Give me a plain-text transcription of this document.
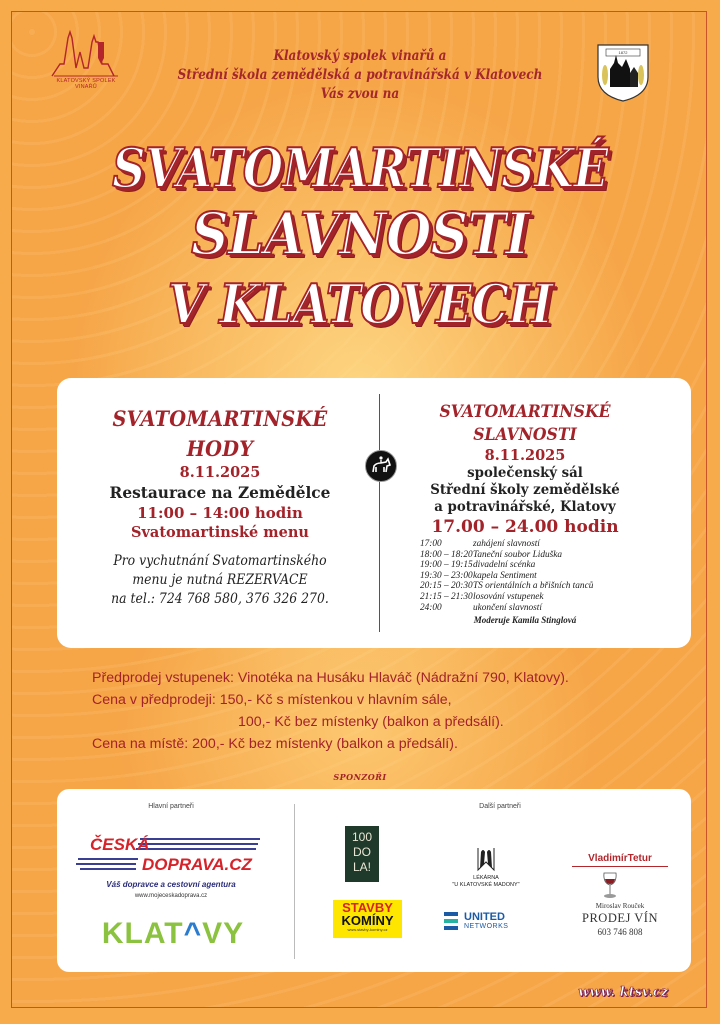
KLATOVSKÝ SPOLEK VINAŘŮ
1872
Klatovský spolek vinařů a
Střední škola zemědělská a potravinářská v Klatovech
Vás zvou na
SVATOMARTINSKÉ
SLAVNOSTI
V KLATOVECH
SVATOMARTINSKÉ
HODY
8.11.2025
Restaurace na Zemědělce
11:00 – 14:00 hodin
Svatomartinské menu
Pro vychutnání Svatomartinského
menu je nutná REZERVACE
na tel.: 724 768 580, 376 326 270.
SVATOMARTINSKÉ
SLAVNOSTI
8.11.2025
společenský sál
Střední školy zemědělské
a potravinářské, Klatovy
17.00 – 24.00 hodin
17:00	zahájení slavností
18:00 – 18:20 Taneční soubor Liduška
19:00 – 19:15 divadelní scénka
19:30 – 23:00 kapela Sentiment
20:15 – 20:30 TS orientálních a břišních tanců
21:15 – 21:30 losování vstupenek
24:00	ukončení slavností
Moderuje Kamila Stinglová
Předprodej vstupenek: Vinotéka na Husáku Hlaváč (Nádražní 790, Klatovy).
Cena v předprodeji: 150,- Kč s místenkou v hlavním sále,
100,- Kč bez místenky (balkon a předsálí).
Cena na místě: 200,- Kč bez místenky (balkon a předsálí).
SPONZOŘI
Hlavní partneři	Další partneři
ČESKÁ
DOPRAVA.CZ
Váš dopravce a cestovní agentura
www.mojeceskadoprava.cz
KLAT^VY
100
DO
LA!
STAVBY
KOMÍNY
www.stavby-kominy.cz
LÉKÁRNA
"U KLATOVSKÉ MADONY"
UNITED
NETWORKS
VladimírTetur
Miroslav Rouček
PRODEJ VÍN
603 746 808
www. ktsv.cz
